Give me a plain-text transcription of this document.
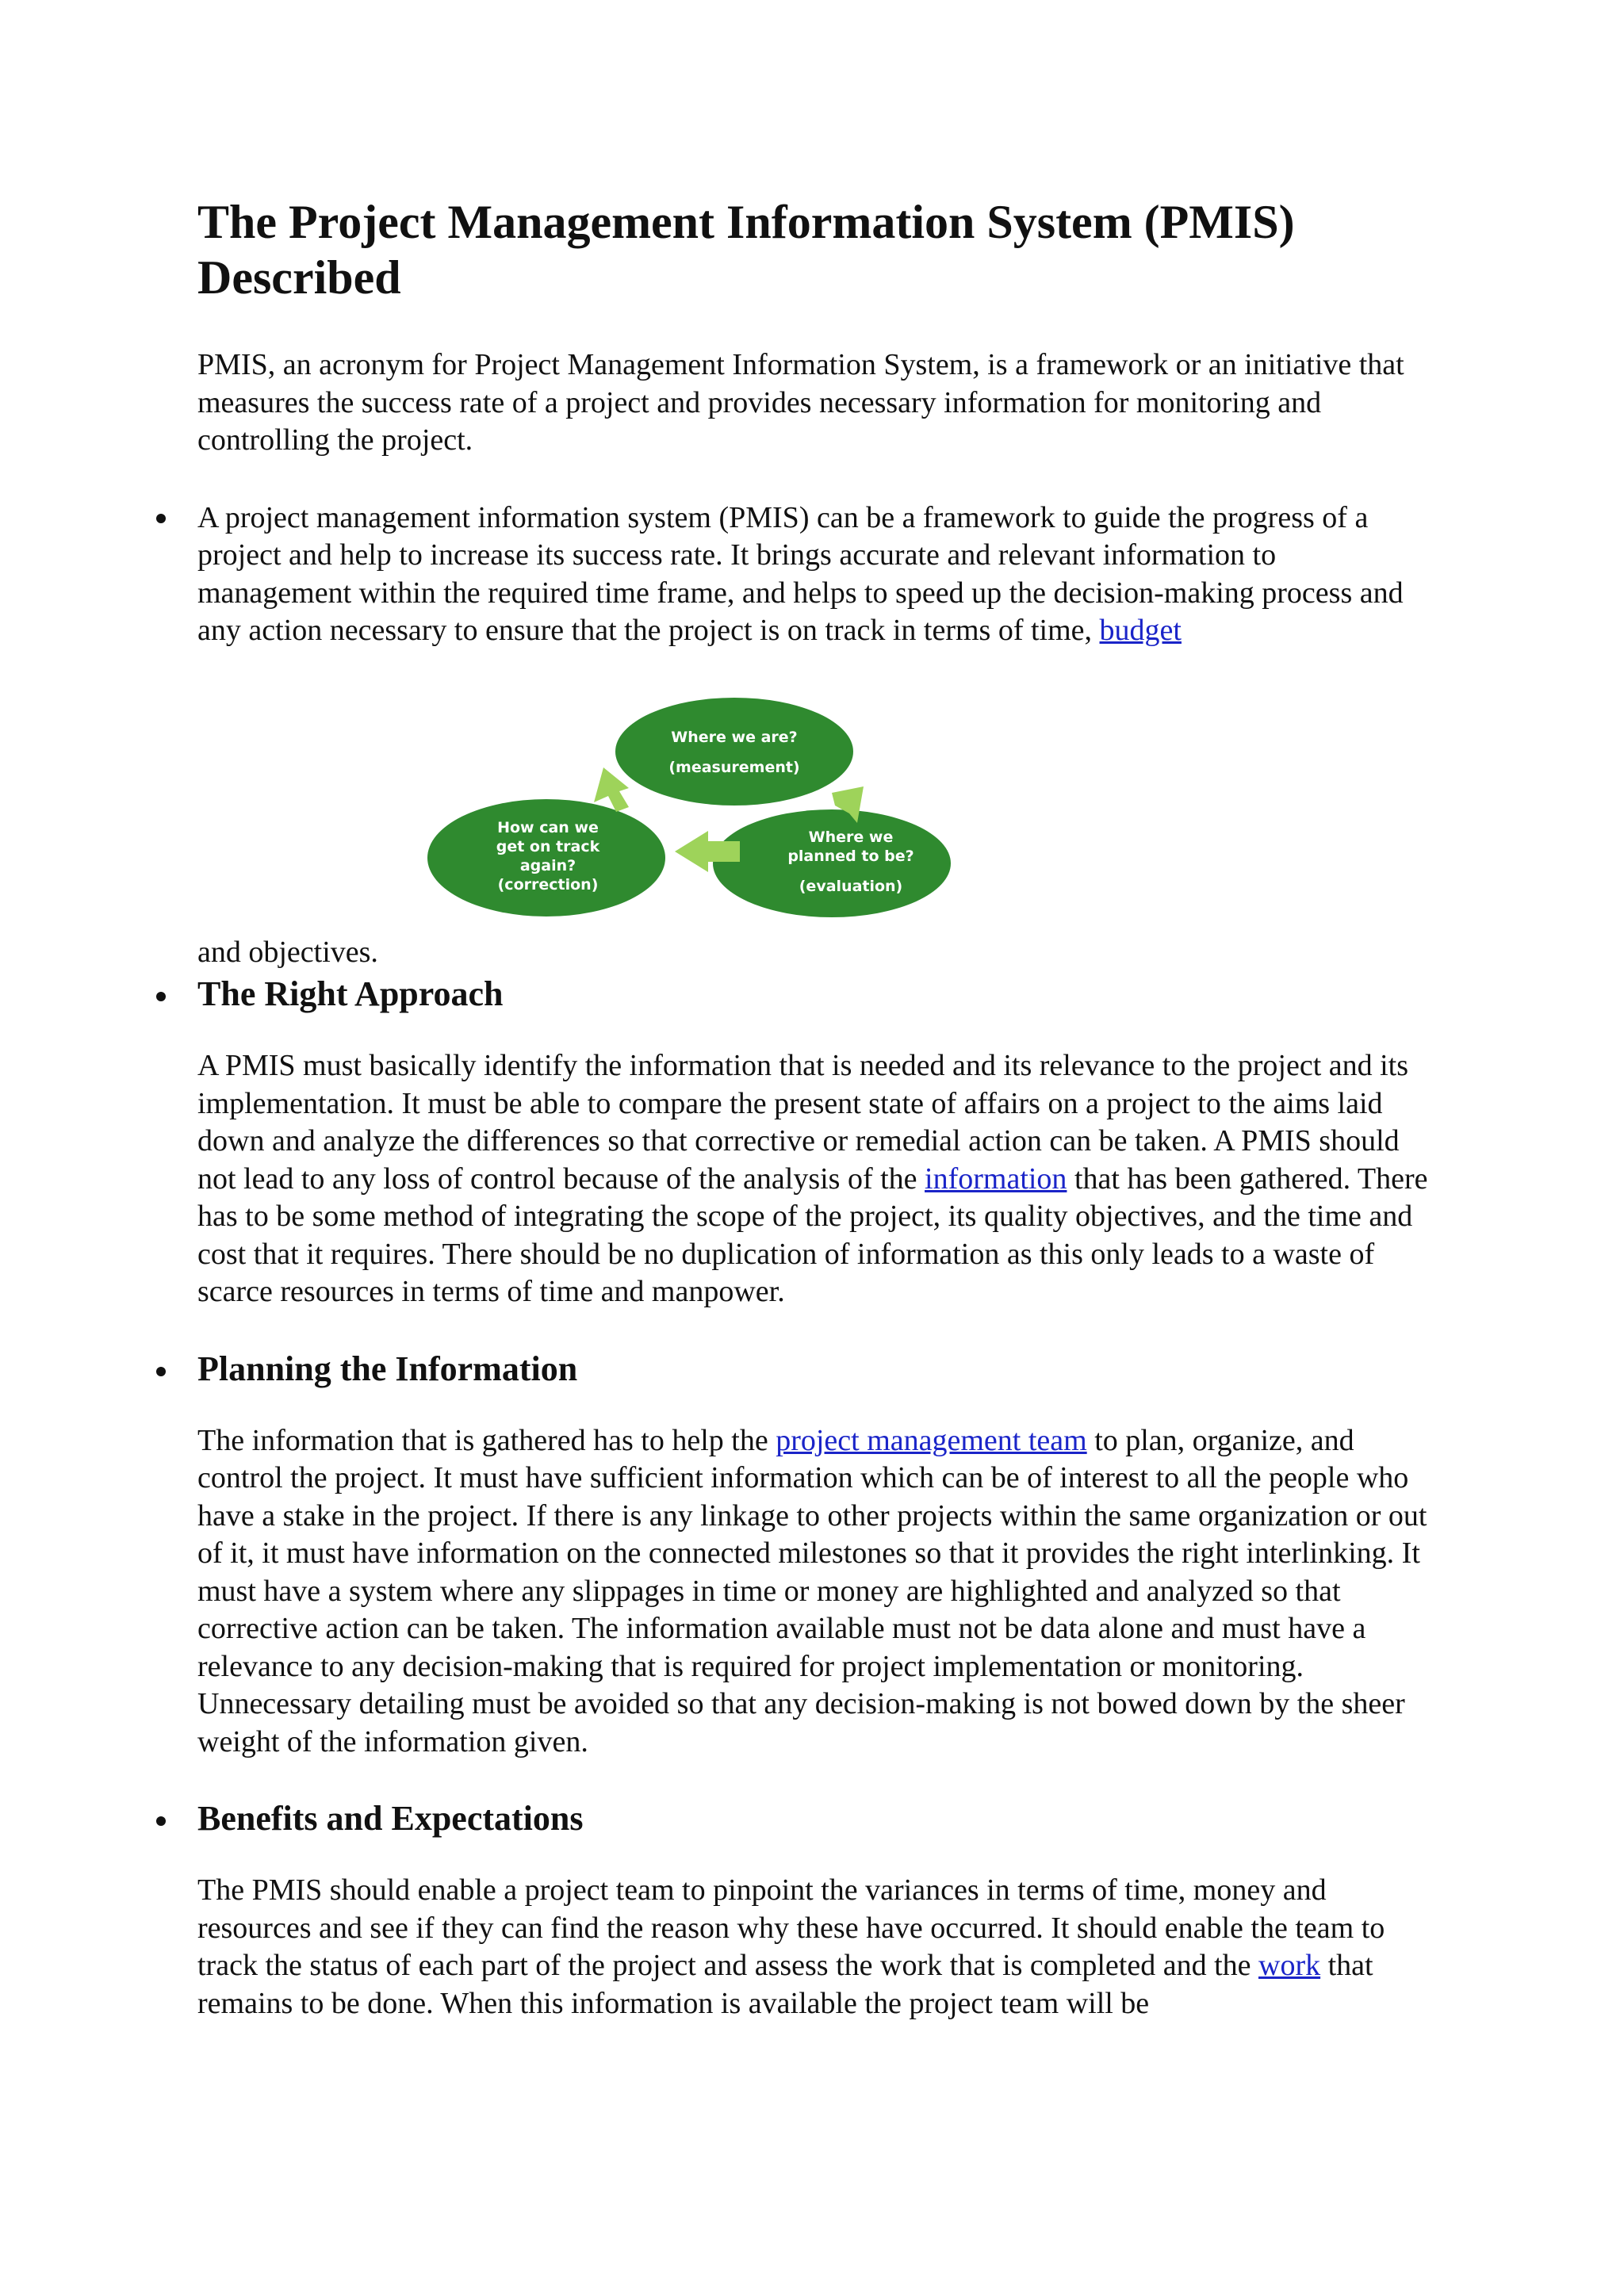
The Project Management Information System (PMIS) Described

PMIS, an acronym for Project Management Information System, is a framework or an initiative that measures the success rate of a project and provides necessary information for monitoring and controlling the project.

A project management information system (PMIS) can be a framework to guide the progress of a project and help to increase its success rate. It brings accurate and relevant information to management within the required time frame, and helps to speed up the decision-making process and any action necessary to ensure that the project is on track in terms of time, budget

Where we are?
(measurement)
Where we
planned to be?
(evaluation)
How can we
get on track
again?
(correction)

and objectives.

The Right Approach

A PMIS must basically identify the information that is needed and its relevance to the project and its implementation. It must be able to compare the present state of affairs on a project to the aims laid down and analyze the differences so that corrective or remedial action can be taken. A PMIS should not lead to any loss of control because of the analysis of the information that has been gathered. There has to be some method of integrating the scope of the project, its quality objectives, and the time and cost that it requires. There should be no duplication of information as this only leads to a waste of scarce resources in terms of time and manpower.

Planning the Information

The information that is gathered has to help the project management team to plan, organize, and control the project. It must have sufficient information which can be of interest to all the people who have a stake in the project. If there is any linkage to other projects within the same organization or out of it, it must have information on the connected milestones so that it provides the right interlinking. It must have a system where any slippages in time or money are highlighted and analyzed so that corrective action can be taken. The information available must not be data alone and must have a relevance to any decision-making that is required for project implementation or monitoring. Unnecessary detailing must be avoided so that any decision-making is not bowed down by the sheer weight of the information given.

Benefits and Expectations

The PMIS should enable a project team to pinpoint the variances in terms of time, money and resources and see if they can find the reason why these have occurred. It should enable the team to track the status of each part of the project and assess the work that is completed and the work that remains to be done. When this information is available the project team will be
